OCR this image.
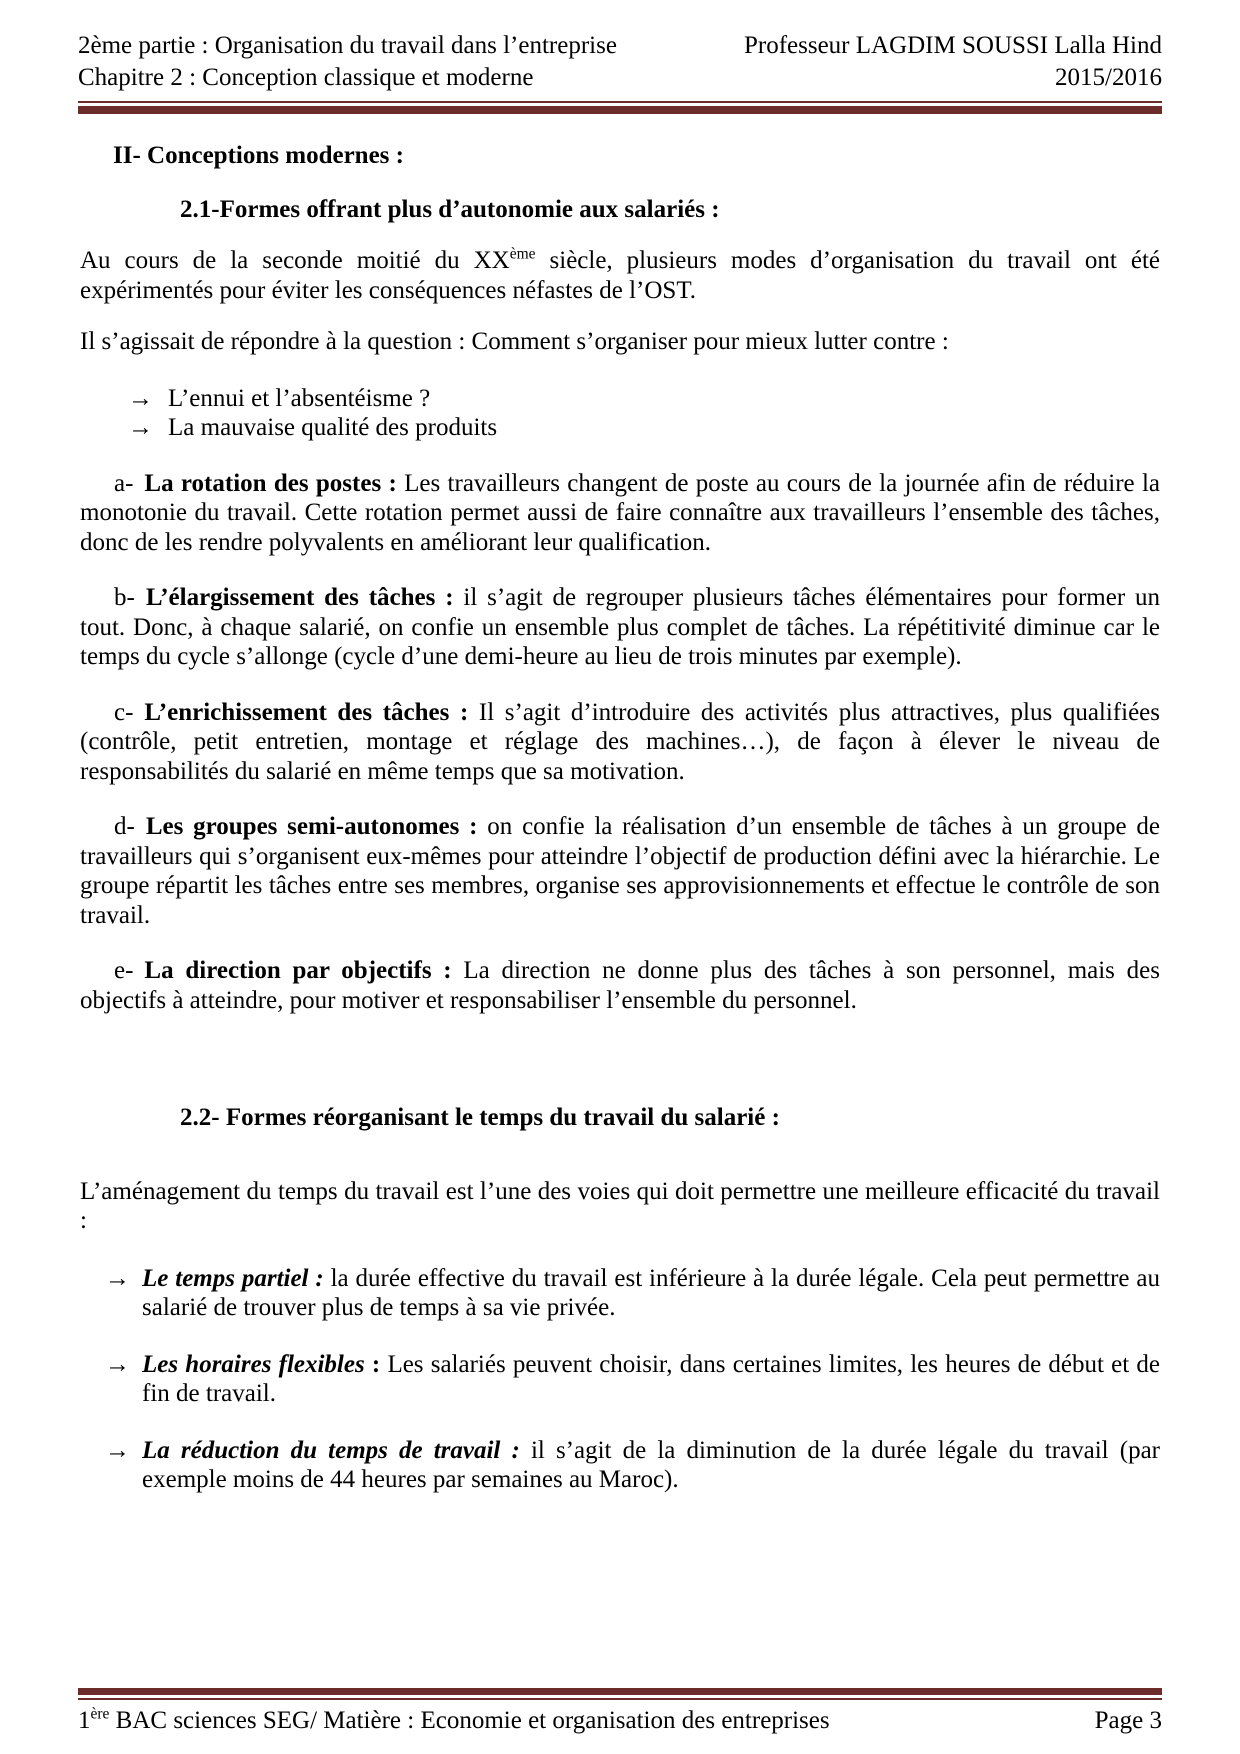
2ème partie : Organisation du travail dans l’entreprise
Chapitre 2 : Conception classique et moderne
Professeur LAGDIM SOUSSI Lalla Hind
2015/2016
II- Conceptions modernes :
2.1-Formes offrant plus d’autonomie aux salariés :
Au cours de la seconde moitié du XXème siècle, plusieurs modes d’organisation du travail ont été expérimentés pour éviter les conséquences néfastes de l’OST.
Il s’agissait de répondre à la question : Comment s’organiser pour mieux lutter contre :
→ L’ennui et l’absentéisme ?
→ La mauvaise qualité des produits
a- La rotation des postes : Les travailleurs changent de poste au cours de la journée afin de réduire la monotonie du travail. Cette rotation permet aussi de faire connaître aux travailleurs l’ensemble des tâches, donc de les rendre polyvalents en améliorant leur qualification.
b- L’élargissement des tâches : il s’agit de regrouper plusieurs tâches élémentaires pour former un tout. Donc, à chaque salarié, on confie un ensemble plus complet de tâches. La répétitivité diminue car le temps du cycle s’allonge (cycle d’une demi-heure au lieu de trois minutes par exemple).
c- L’enrichissement des tâches : Il s’agit d’introduire des activités plus attractives, plus qualifiées (contrôle, petit entretien, montage et réglage des machines…), de façon à élever le niveau de responsabilités du salarié en même temps que sa motivation.
d- Les groupes semi-autonomes : on confie la réalisation d’un ensemble de tâches à un groupe de travailleurs qui s’organisent eux-mêmes pour atteindre l’objectif de production défini avec la hiérarchie. Le groupe répartit les tâches entre ses membres, organise ses approvisionnements et effectue le contrôle de son travail.
e- La direction par objectifs : La direction ne donne plus des tâches à son personnel, mais des objectifs à atteindre, pour motiver et responsabiliser l’ensemble du personnel.
2.2- Formes réorganisant le temps du travail du salarié :
L’aménagement du temps du travail est l’une des voies qui doit permettre une meilleure efficacité du travail :
→ Le temps partiel : la durée effective du travail est inférieure à la durée légale. Cela peut permettre au salarié de trouver plus de temps à sa vie privée.
→ Les horaires flexibles : Les salariés peuvent choisir, dans certaines limites, les heures de début et de fin de travail.
→ La réduction du temps de travail : il s’agit de la diminution de la durée légale du travail (par exemple moins de 44 heures par semaines au Maroc).
1ère BAC sciences SEG/ Matière : Economie et organisation des entreprises	Page 3
